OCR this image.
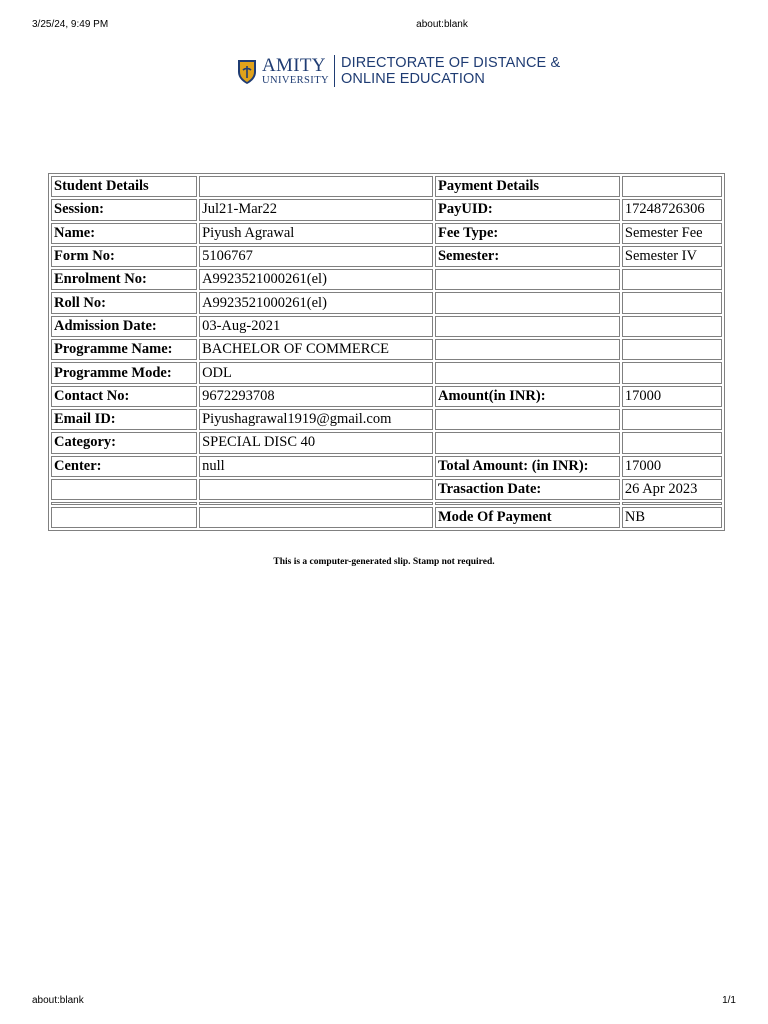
3/25/24, 9:49 PM	about:blank
AMITY
UNIVERSITY
DIRECTORATE OF DISTANCE &
ONLINE EDUCATION
Student Details		Payment Details	
Session:	Jul21-Mar22	PayUID:	17248726306
Name:	Piyush Agrawal	Fee Type:	Semester Fee
Form No:	5106767	Semester:	Semester IV
Enrolment No:	A9923521000261(el)		
Roll No:	A9923521000261(el)		
Admission Date:	03-Aug-2021		
Programme Name:	BACHELOR OF COMMERCE		
Programme Mode:	ODL		
Contact No:	9672293708	Amount(in INR):	17000
Email ID:	Piyushagrawal1919@gmail.com		
Category:	SPECIAL DISC 40		
Center:	null	Total Amount: (in INR):	17000
		Trasaction Date:	26 Apr 2023

		Mode Of Payment	NB
This is a computer-generated slip. Stamp not required.
about:blank	1/1
